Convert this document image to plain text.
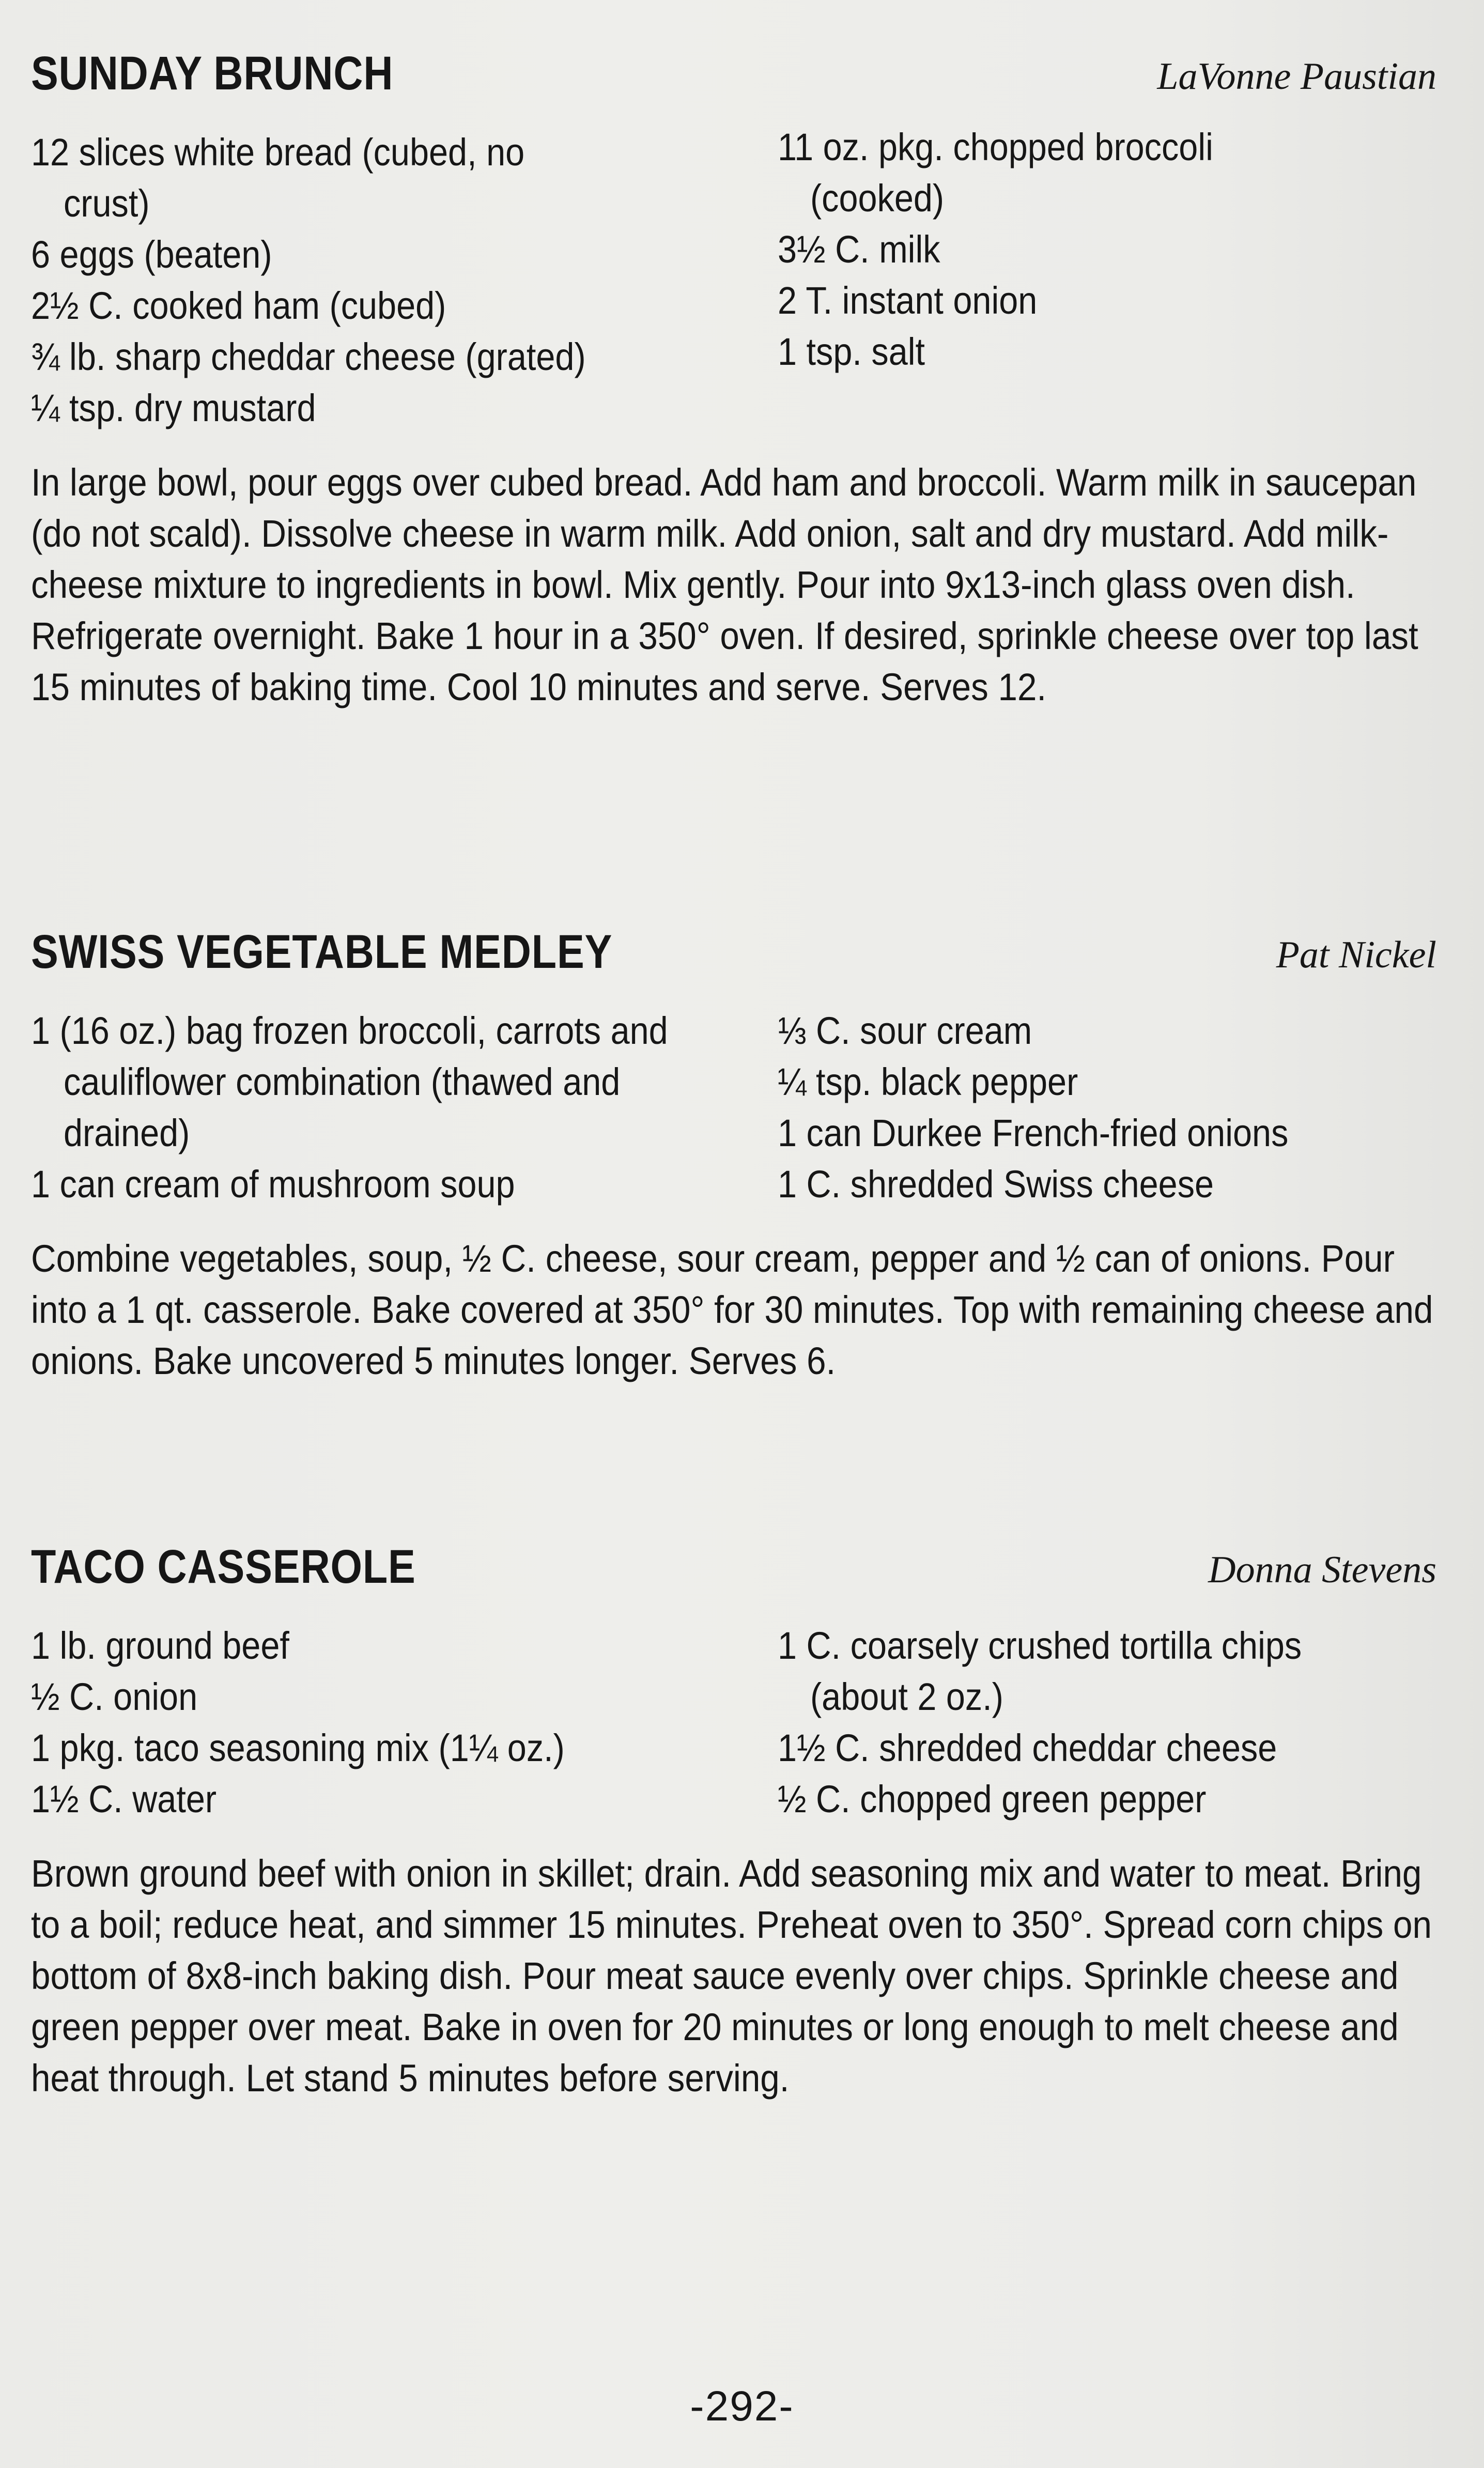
SUNDAY BRUNCH	LaVonne Paustian
12 slices white bread (cubed, no crust)
6 eggs (beaten)
2½ C. cooked ham (cubed)
¾ lb. sharp cheddar cheese (grated)
¼ tsp. dry mustard
11 oz. pkg. chopped broccoli (cooked)
3½ C. milk
2 T. instant onion
1 tsp. salt

In large bowl, pour eggs over cubed bread. Add ham and broccoli. Warm milk in saucepan (do not scald). Dissolve cheese in warm milk. Add onion, salt and dry mustard. Add milk-cheese mixture to ingredients in bowl. Mix gently. Pour into 9x13-inch glass oven dish. Refrigerate overnight. Bake 1 hour in a 350° oven. If desired, sprinkle cheese over top last 15 minutes of baking time. Cool 10 minutes and serve. Serves 12.

SWISS VEGETABLE MEDLEY	Pat Nickel
1 (16 oz.) bag frozen broccoli, carrots and cauliflower combination (thawed and drained)
1 can cream of mushroom soup
⅓ C. sour cream
¼ tsp. black pepper
1 can Durkee French-fried onions
1 C. shredded Swiss cheese

Combine vegetables, soup, ½ C. cheese, sour cream, pepper and ½ can of onions. Pour into a 1 qt. casserole. Bake covered at 350° for 30 minutes. Top with remaining cheese and onions. Bake uncovered 5 minutes longer. Serves 6.

TACO CASSEROLE	Donna Stevens
1 lb. ground beef
½ C. onion
1 pkg. taco seasoning mix (1¼ oz.)
1½ C. water
1 C. coarsely crushed tortilla chips (about 2 oz.)
1½ C. shredded cheddar cheese
½ C. chopped green pepper

Brown ground beef with onion in skillet; drain. Add seasoning mix and water to meat. Bring to a boil; reduce heat, and simmer 15 minutes. Preheat oven to 350°. Spread corn chips on bottom of 8x8-inch baking dish. Pour meat sauce evenly over chips. Sprinkle cheese and green pepper over meat. Bake in oven for 20 minutes or long enough to melt cheese and heat through. Let stand 5 minutes before serving.

-292-
